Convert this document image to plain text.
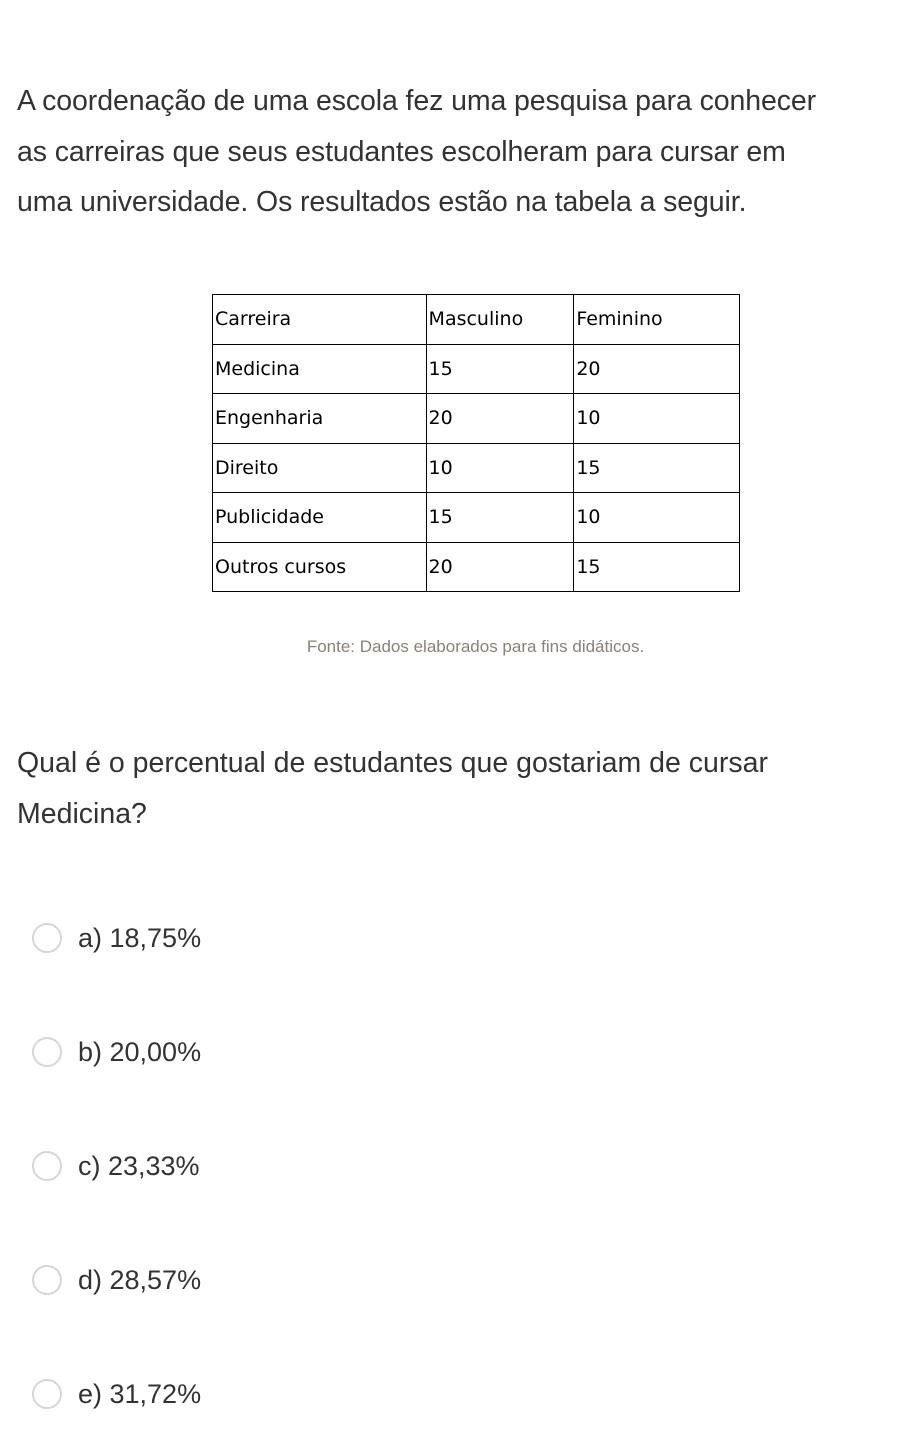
A coordenação de uma escola fez uma pesquisa para conhecer
as carreiras que seus estudantes escolheram para cursar em
uma universidade. Os resultados estão na tabela a seguir.

Carreira	Masculino	Feminino
Medicina	15	20
Engenharia	20	10
Direito	10	15
Publicidade	15	10
Outros cursos	20	15

Fonte: Dados elaborados para fins didáticos.

Qual é o percentual de estudantes que gostariam de cursar
Medicina?

a) 18,75%
b) 20,00%
c) 23,33%
d) 28,57%
e) 31,72%
